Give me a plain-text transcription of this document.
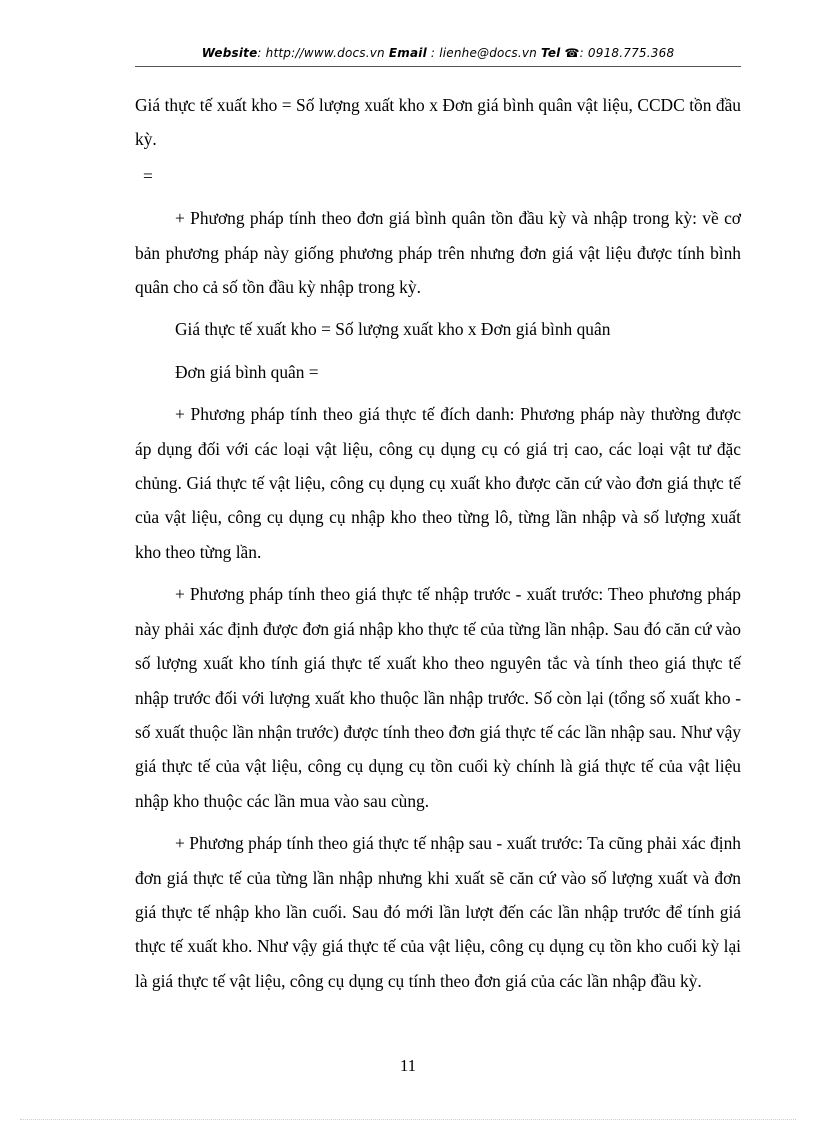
Website: http://www.docs.vn Email : lienhe@docs.vn Tel ☎: 0918.775.368

Giá thực tế xuất kho = Số lượng xuất kho x Đơn giá bình quân vật liệu, CCDC tồn đầu kỳ.

=

+ Phương pháp tính theo đơn giá bình quân tồn đầu kỳ và nhập trong kỳ: về cơ bản phương pháp này giống phương pháp trên nhưng đơn giá vật liệu được tính bình quân cho cả số tồn đầu kỳ nhập trong kỳ.

Giá thực tế xuất kho = Số lượng xuất kho x Đơn giá bình quân

Đơn giá bình quân =

+ Phương pháp tính theo giá thực tế đích danh: Phương pháp này thường được áp dụng đối với các loại vật liệu, công cụ dụng cụ có giá trị cao, các loại vật tư đặc chủng. Giá thực tế vật liệu, công cụ dụng cụ xuất kho được căn cứ vào đơn giá thực tế của vật liệu, công cụ dụng cụ nhập kho theo từng lô, từng lần nhập và số lượng xuất kho theo từng lần.

+ Phương pháp tính theo giá thực tế nhập trước - xuất trước: Theo phương pháp này phải xác định được đơn giá nhập kho thực tế của từng lần nhập. Sau đó căn cứ vào số lượng xuất kho tính giá thực tế xuất kho theo nguyên tắc và tính theo giá thực tế nhập trước đối với lượng xuất kho thuộc lần nhập trước. Số còn lại (tổng số xuất kho - số xuất thuộc lần nhận trước) được tính theo đơn giá thực tế các lần nhập sau. Như vậy giá thực tế của vật liệu, công cụ dụng cụ tồn cuối kỳ chính là giá thực tế của vật liệu nhập kho thuộc các lần mua vào sau cùng.

+ Phương pháp tính theo giá thực tế nhập sau - xuất trước: Ta cũng phải xác định đơn giá thực tế của từng lần nhập nhưng khi xuất sẽ căn cứ vào số lượng xuất và đơn giá thực tế nhập kho lần cuối. Sau đó mới lần lượt đến các lần nhập trước để tính giá thực tế xuất kho. Như vậy giá thực tế của vật liệu, công cụ dụng cụ tồn kho cuối kỳ lại là giá thực tế vật liệu, công cụ dụng cụ tính theo đơn giá của các lần nhập đầu kỳ.

11
